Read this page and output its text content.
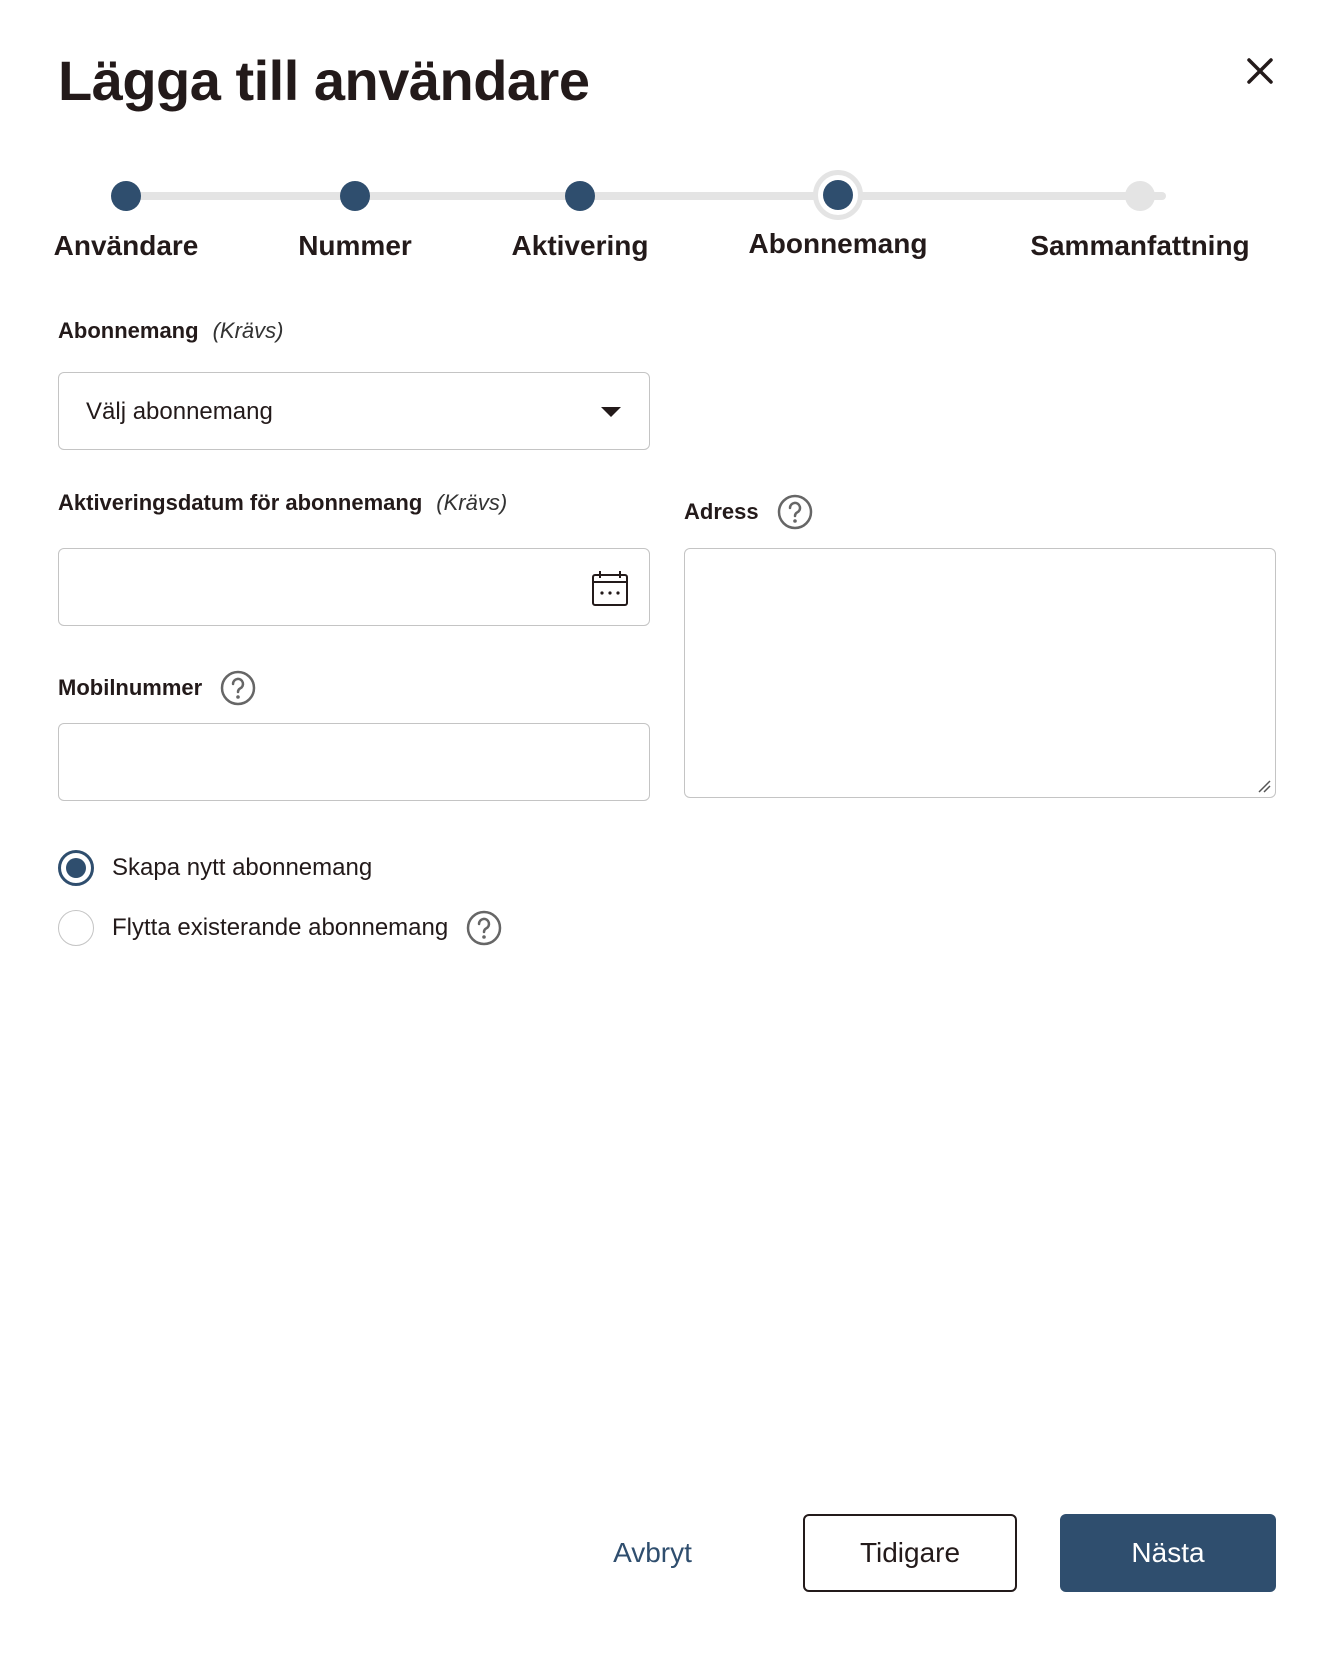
Lägga till användare
Användare	Nummer	Aktivering	Abonnemang	Sammanfattning
Abonnemang (Krävs)
Välj abonnemang
Aktiveringsdatum för abonnemang (Krävs)	Adress
Mobilnummer
Skapa nytt abonnemang
Flytta existerande abonnemang
Avbryt	Tidigare	Nästa
